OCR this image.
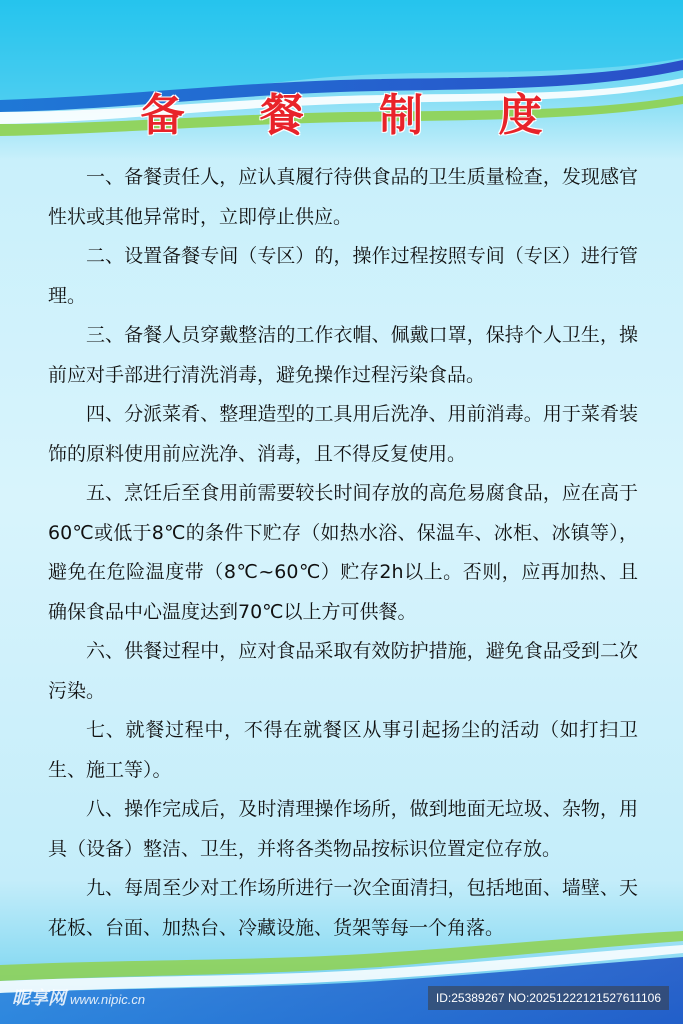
备 餐 制 度

一、备餐责任人，应认真履行待供食品的卫生质量检查，发现感官性状或其他异常时，立即停止供应。

二、设置备餐专间（专区）的，操作过程按照专间（专区）进行管理。

三、备餐人员穿戴整洁的工作衣帽、佩戴口罩，保持个人卫生，操前应对手部进行清洗消毒，避免操作过程污染食品。

四、分派菜肴、整理造型的工具用后洗净、用前消毒。用于菜肴装饰的原料使用前应洗净、消毒，且不得反复使用。

五、烹饪后至食用前需要较长时间存放的高危易腐食品，应在高于60℃或低于8℃的条件下贮存（如热水浴、保温车、冰柜、冰镇等），避免在危险温度带（8℃~60℃）贮存2h以上。否则，应再加热、且确保食品中心温度达到70℃以上方可供餐。

六、供餐过程中，应对食品采取有效防护措施，避免食品受到二次污染。

七、就餐过程中，不得在就餐区从事引起扬尘的活动（如打扫卫生、施工等）。

八、操作完成后，及时清理操作场所，做到地面无垃圾、杂物，用具（设备）整洁、卫生，并将各类物品按标识位置定位存放。

九、每周至少对工作场所进行一次全面清扫，包括地面、墙壁、天花板、台面、加热台、冷藏设施、货架等每一个角落。

昵享网 www.nipic.cn	ID:25389267 NO:20251222121527611106
